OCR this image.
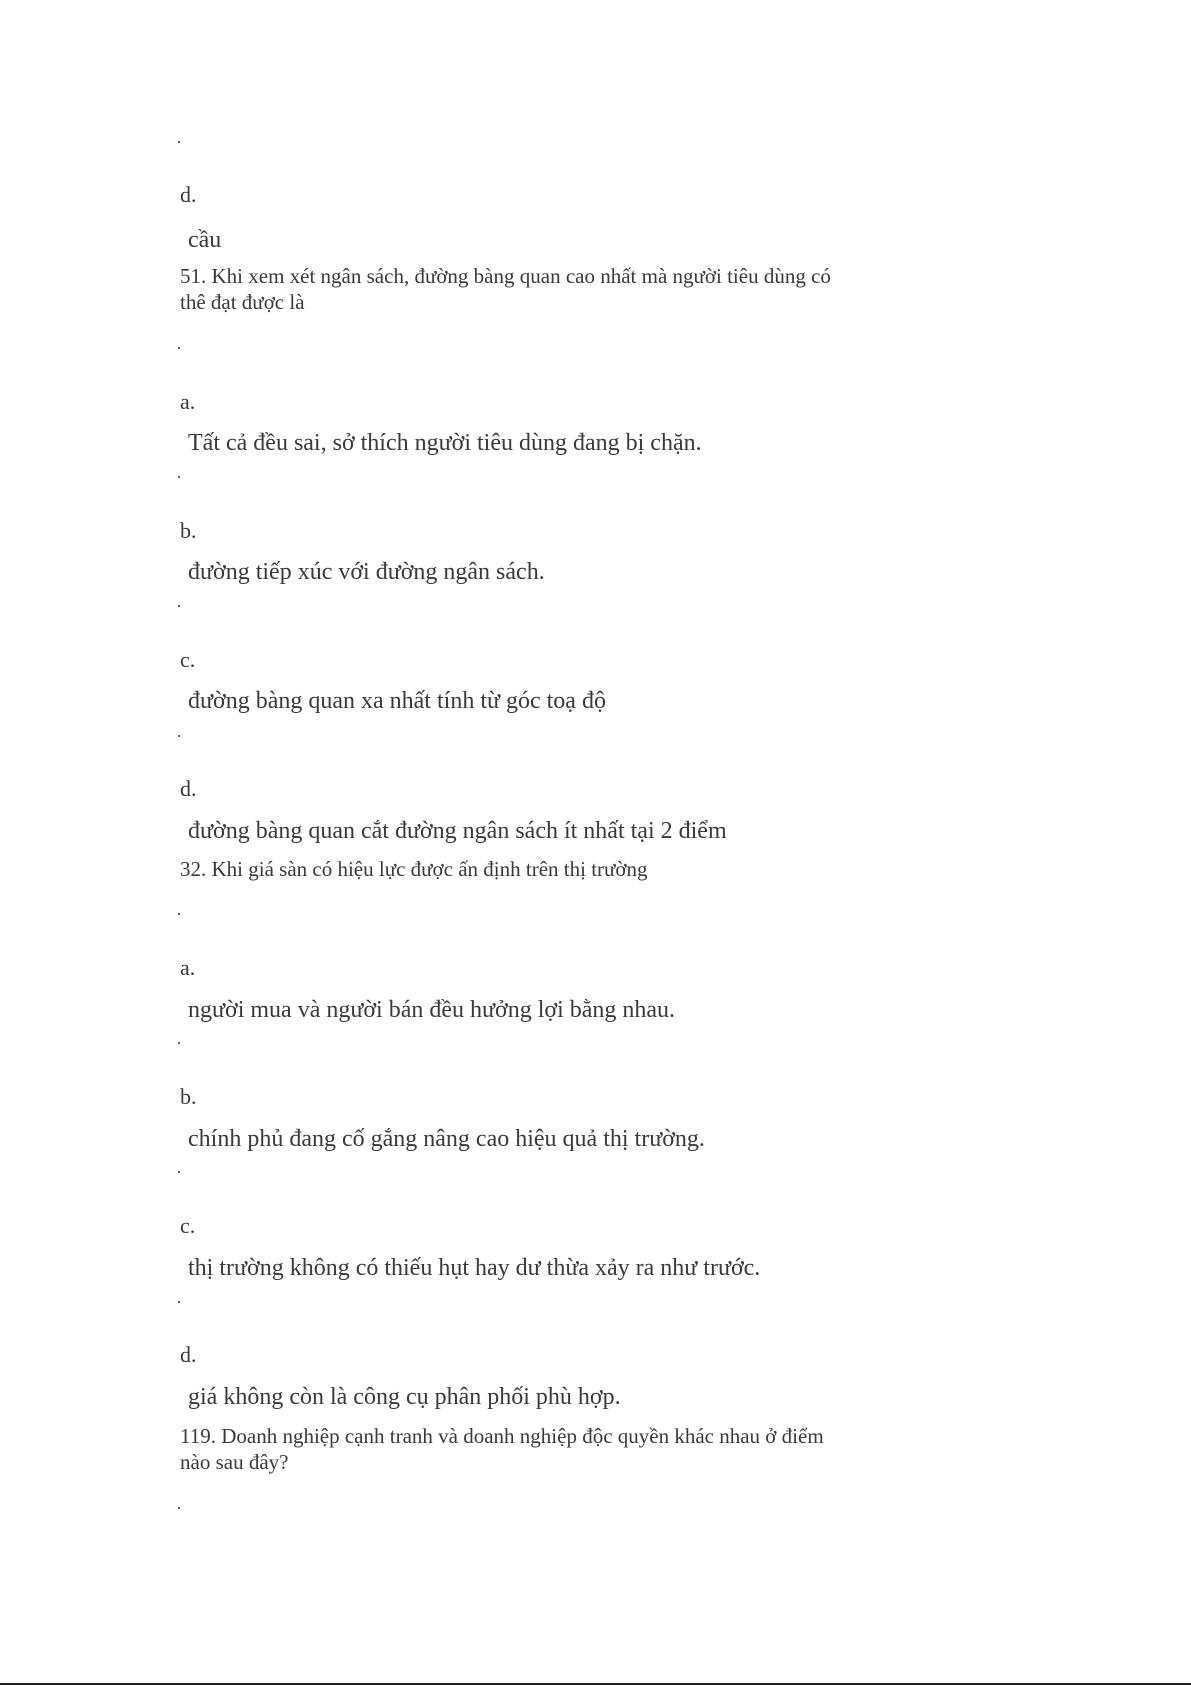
d.
cầu
51. Khi xem xét ngân sách, đường bàng quan cao nhất mà người tiêu dùng có thê đạt được là
a.
Tất cả đều sai, sở thích người tiêu dùng đang bị chặn.
b.
đường tiếp xúc với đường ngân sách.
c.
đường bàng quan xa nhất tính từ góc toạ độ
d.
đường bàng quan cắt đường ngân sách ít nhất tại 2 điểm
32. Khi giá sàn có hiệu lực được ấn định trên thị trường
a.
người mua và người bán đều hưởng lợi bằng nhau.
b.
chính phủ đang cố gắng nâng cao hiệu quả thị trường.
c.
thị trường không có thiếu hụt hay dư thừa xảy ra như trước.
d.
giá không còn là công cụ phân phối phù hợp.
119. Doanh nghiệp cạnh tranh và doanh nghiệp độc quyền khác nhau ở điểm nào sau đây?
